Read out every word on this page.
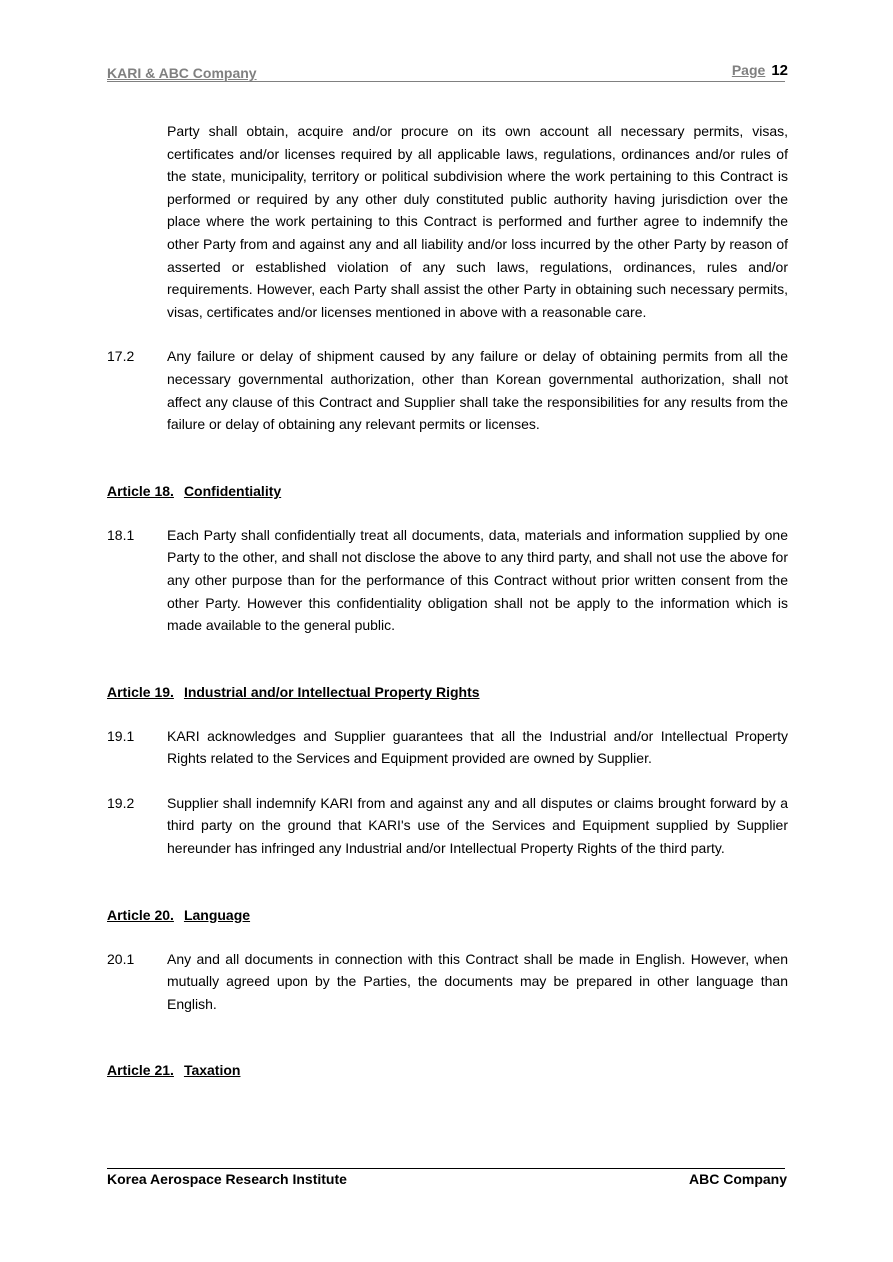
KARI & ABC Company	Page 12

Party shall obtain, acquire and/or procure on its own account all necessary permits, visas, certificates and/or licenses required by all applicable laws, regulations, ordinances and/or rules of the state, municipality, territory or political subdivision where the work pertaining to this Contract is performed or required by any other duly constituted public authority having jurisdiction over the place where the work pertaining to this Contract is performed and further agree to indemnify the other Party from and against any and all liability and/or loss incurred by the other Party by reason of asserted or established violation of any such laws, regulations, ordinances, rules and/or requirements. However, each Party shall assist the other Party in obtaining such necessary permits, visas, certificates and/or licenses mentioned in above with a reasonable care.

17.2	Any failure or delay of shipment caused by any failure or delay of obtaining permits from all the necessary governmental authorization, other than Korean governmental authorization, shall not affect any clause of this Contract and Supplier shall take the responsibilities for any results from the failure or delay of obtaining any relevant permits or licenses.

Article 18. Confidentiality

18.1	Each Party shall confidentially treat all documents, data, materials and information supplied by one Party to the other, and shall not disclose the above to any third party, and shall not use the above for any other purpose than for the performance of this Contract without prior written consent from the other Party. However this confidentiality obligation shall not be apply to the information which is made available to the general public.

Article 19. Industrial and/or Intellectual Property Rights

19.1	KARI acknowledges and Supplier guarantees that all the Industrial and/or Intellectual Property Rights related to the Services and Equipment provided are owned by Supplier.

19.2	Supplier shall indemnify KARI from and against any and all disputes or claims brought forward by a third party on the ground that KARI's use of the Services and Equipment supplied by Supplier hereunder has infringed any Industrial and/or Intellectual Property Rights of the third party.

Article 20. Language

20.1	Any and all documents in connection with this Contract shall be made in English. However, when mutually agreed upon by the Parties, the documents may be prepared in other language than English.

Article 21. Taxation

Korea Aerospace Research Institute	ABC Company
